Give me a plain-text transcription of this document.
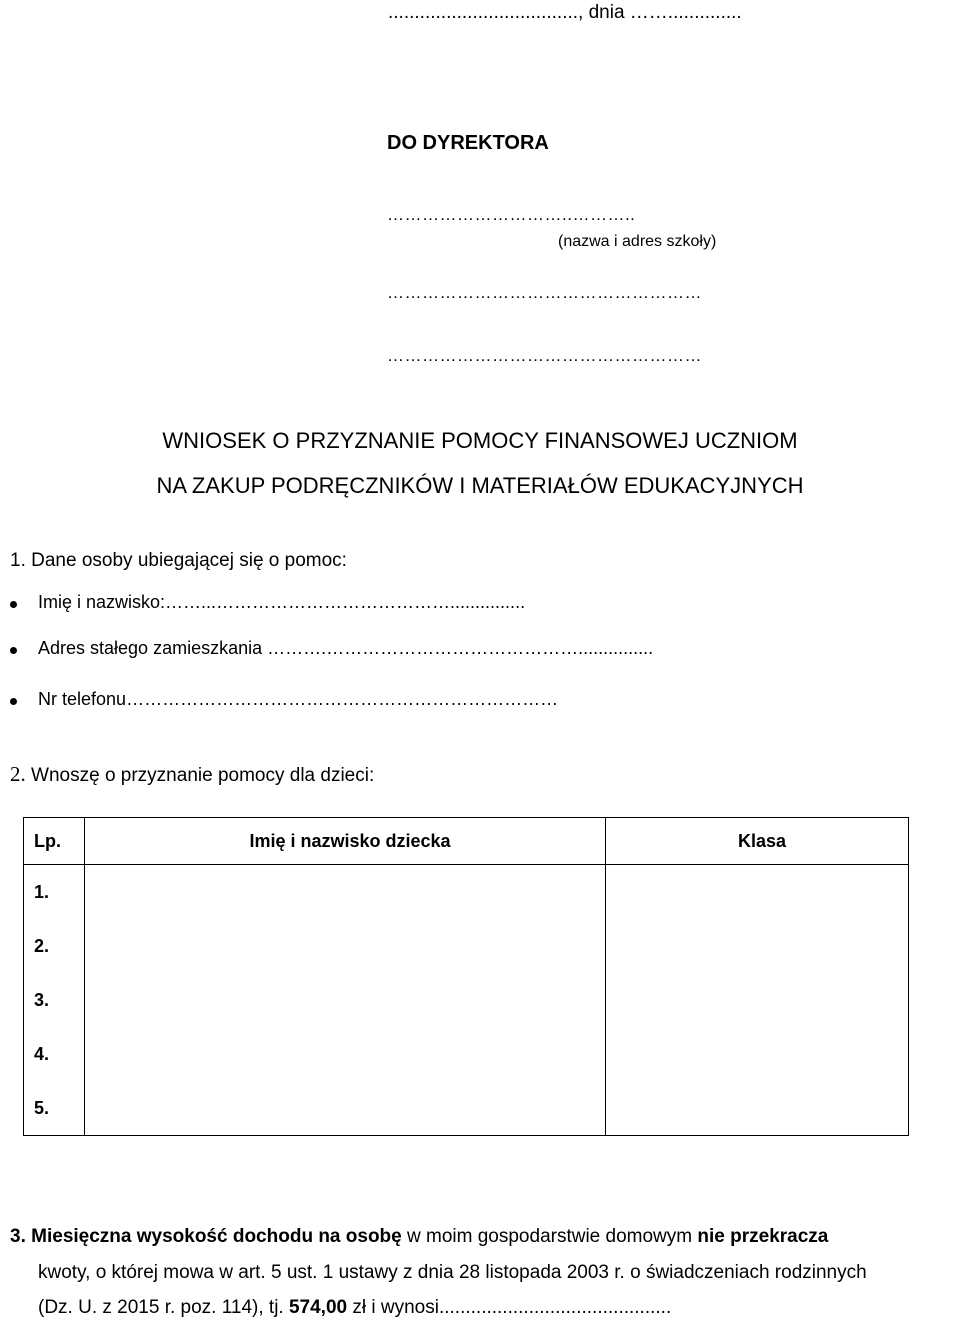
...................................., dnia ……..............
DO DYREKTORA
…………………………..………..
(nazwa i adres szkoły)
………………………………………………
………………………………………………
WNIOSEK O PRZYZNANIE POMOCY FINANSOWEJ UCZNIOM
NA ZAKUP PODRĘCZNIKÓW I MATERIAŁÓW EDUKACYJNYCH
1. Dane osoby ubiegającej się o pomoc:
Imię i nazwisko:……...…………………………………...............
Adres stałego zamieszkania ……….……………………………………...............
Nr telefonu………………………………………………………………
2. Wnoszę o przyznanie pomocy dla dzieci:
Lp.	Imię i nazwisko dziecka	Klasa
1.		
2.		
3.		
4.		
5.		
3. Miesięczna wysokość dochodu na osobę w moim gospodarstwie domowym nie przekracza
kwoty, o której mowa w art. 5 ust. 1 ustawy z dnia 28 listopada 2003 r. o świadczeniach rodzinnych
(Dz. U. z 2015 r. poz. 114), tj. 574,00 zł i wynosi............................................
